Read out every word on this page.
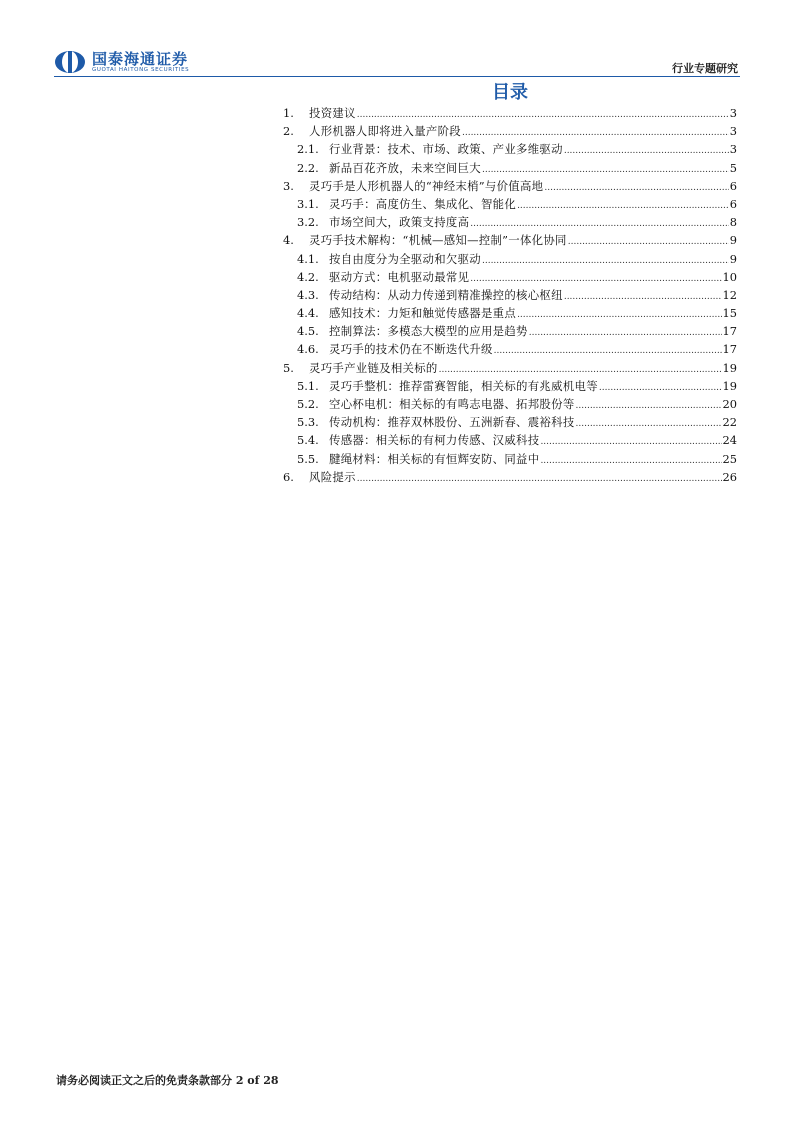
国泰海通证券
GUOTAI HAITONG SECURITIES	行业专题研究
目录
1.	投资建议 .....	3
2.	人形机器人即将进入量产阶段 .....	3
2.1. 行业背景：技术、市场、政策、产业多维驱动 .....	3
2.2. 新品百花齐放，未来空间巨大 .....	5
3.	灵巧手是人形机器人的“神经末梢”与价值高地 .....	6
3.1. 灵巧手：高度仿生、集成化、智能化 .....	6
3.2. 市场空间大，政策支持度高 .....	8
4.	灵巧手技术解构：“机械—感知—控制”一体化协同 .....	9
4.1. 按自由度分为全驱动和欠驱动 .....	9
4.2. 驱动方式：电机驱动最常见 .....	10
4.3. 传动结构：从动力传递到精准操控的核心枢纽 .....	12
4.4. 感知技术：力矩和触觉传感器是重点 .....	15
4.5. 控制算法：多模态大模型的应用是趋势 .....	17
4.6. 灵巧手的技术仍在不断迭代升级 .....	17
5.	灵巧手产业链及相关标的 .....	19
5.1. 灵巧手整机：推荐雷赛智能，相关标的有兆威机电等 .....	19
5.2. 空心杯电机：相关标的有鸣志电器、拓邦股份等 .....	20
5.3. 传动机构：推荐双林股份、五洲新春、震裕科技 .....	22
5.4. 传感器：相关标的有柯力传感、汉威科技 .....	24
5.5. 腱绳材料：相关标的有恒辉安防、同益中 .....	25
6.	风险提示 .....	26
请务必阅读正文之后的免责条款部分 2 of 28
